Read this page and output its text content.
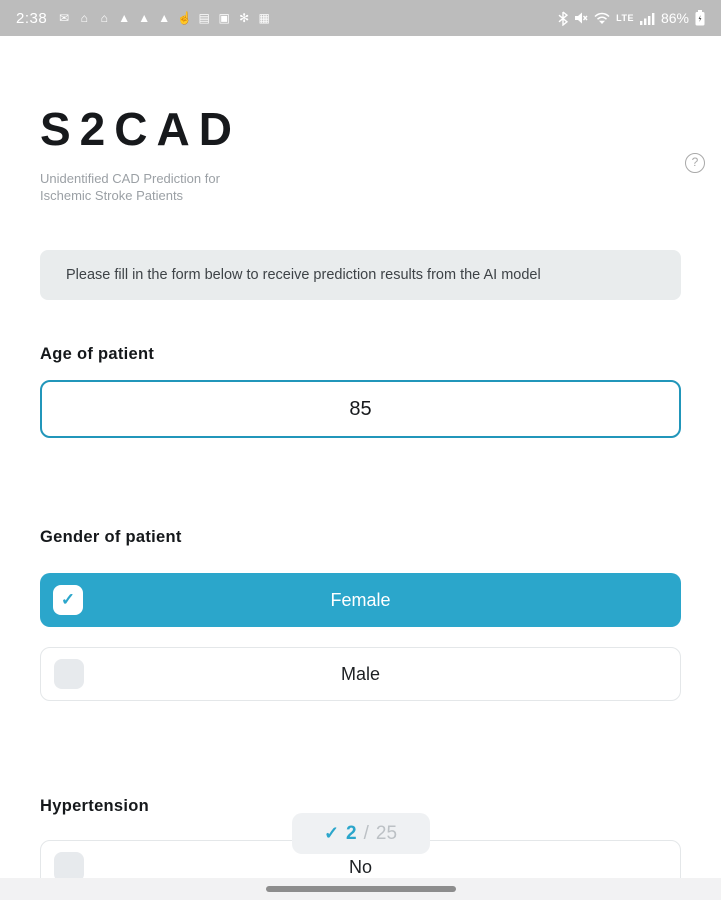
2:38 ✉ ⌂ ⌂ ▲ ▲ ▲ ☝ ▤ ▣ ✻ ▦	LTE 86%
?
S2CAD
Unidentified CAD Prediction for
Ischemic Stroke Patients
Please fill in the form below to receive prediction results from the AI model
Age of patient
85
Gender of patient
✓	Female
Male
Hypertension
✓ 2 / 25
No
